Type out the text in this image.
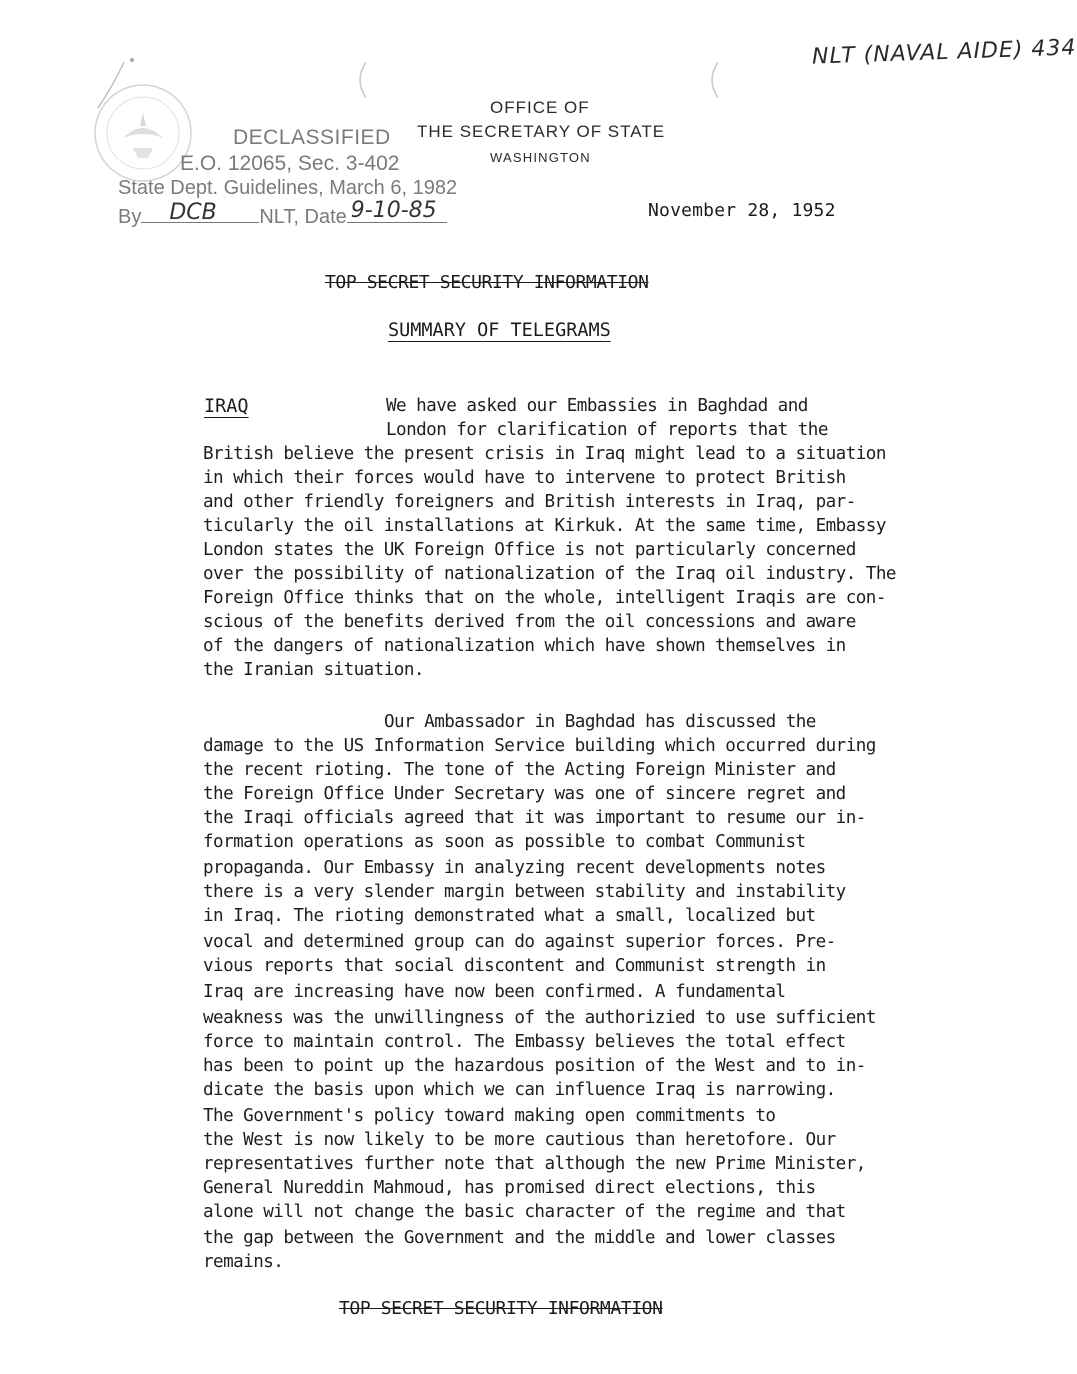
NLT (NAVAL AIDE) 434
DECLASSIFIED
E.O. 12065, Sec. 3-402
State Dept. Guidelines, March 6, 1982
By DCB NLT, Date 9-10-85
OFFICE OF
THE SECRETARY OF STATE
WASHINGTON
November 28, 1952
TOP SECRET SECURITY INFORMATION
SUMMARY OF TELEGRAMS
IRAQ	We have asked our Embassies in Baghdad and
London for clarification of reports that the
British believe the present crisis in Iraq might lead to a situation
in which their forces would have to intervene to protect British
and other friendly foreigners and British interests in Iraq, par-
ticularly the oil installations at Kirkuk. At the same time, Embassy
London states the UK Foreign Office is not particularly concerned
over the possibility of nationalization of the Iraq oil industry. The
Foreign Office thinks that on the whole, intelligent Iraqis are con-
scious of the benefits derived from the oil concessions and aware
of the dangers of nationalization which have shown themselves in
the Iranian situation.
Our Ambassador in Baghdad has discussed the
damage to the US Information Service building which occurred during
the recent rioting. The tone of the Acting Foreign Minister and
the Foreign Office Under Secretary was one of sincere regret and
the Iraqi officials agreed that it was important to resume our in-
formation operations as soon as possible to combat Communist
propaganda. Our Embassy in analyzing recent developments notes
there is a very slender margin between stability and instability
in Iraq. The rioting demonstrated what a small, localized but
vocal and determined group can do against superior forces. Pre-
vious reports that social discontent and Communist strength in
Iraq are increasing have now been confirmed. A fundamental
weakness was the unwillingness of the authorizied to use sufficient
force to maintain control. The Embassy believes the total effect
has been to point up the hazardous position of the West and to in-
dicate the basis upon which we can influence Iraq is narrowing.
The Government's policy toward making open commitments to
the West is now likely to be more cautious than heretofore. Our
representatives further note that although the new Prime Minister,
General Nureddin Mahmoud, has promised direct elections, this
alone will not change the basic character of the regime and that
the gap between the Government and the middle and lower classes
remains.
TOP SECRET SECURITY INFORMATION
